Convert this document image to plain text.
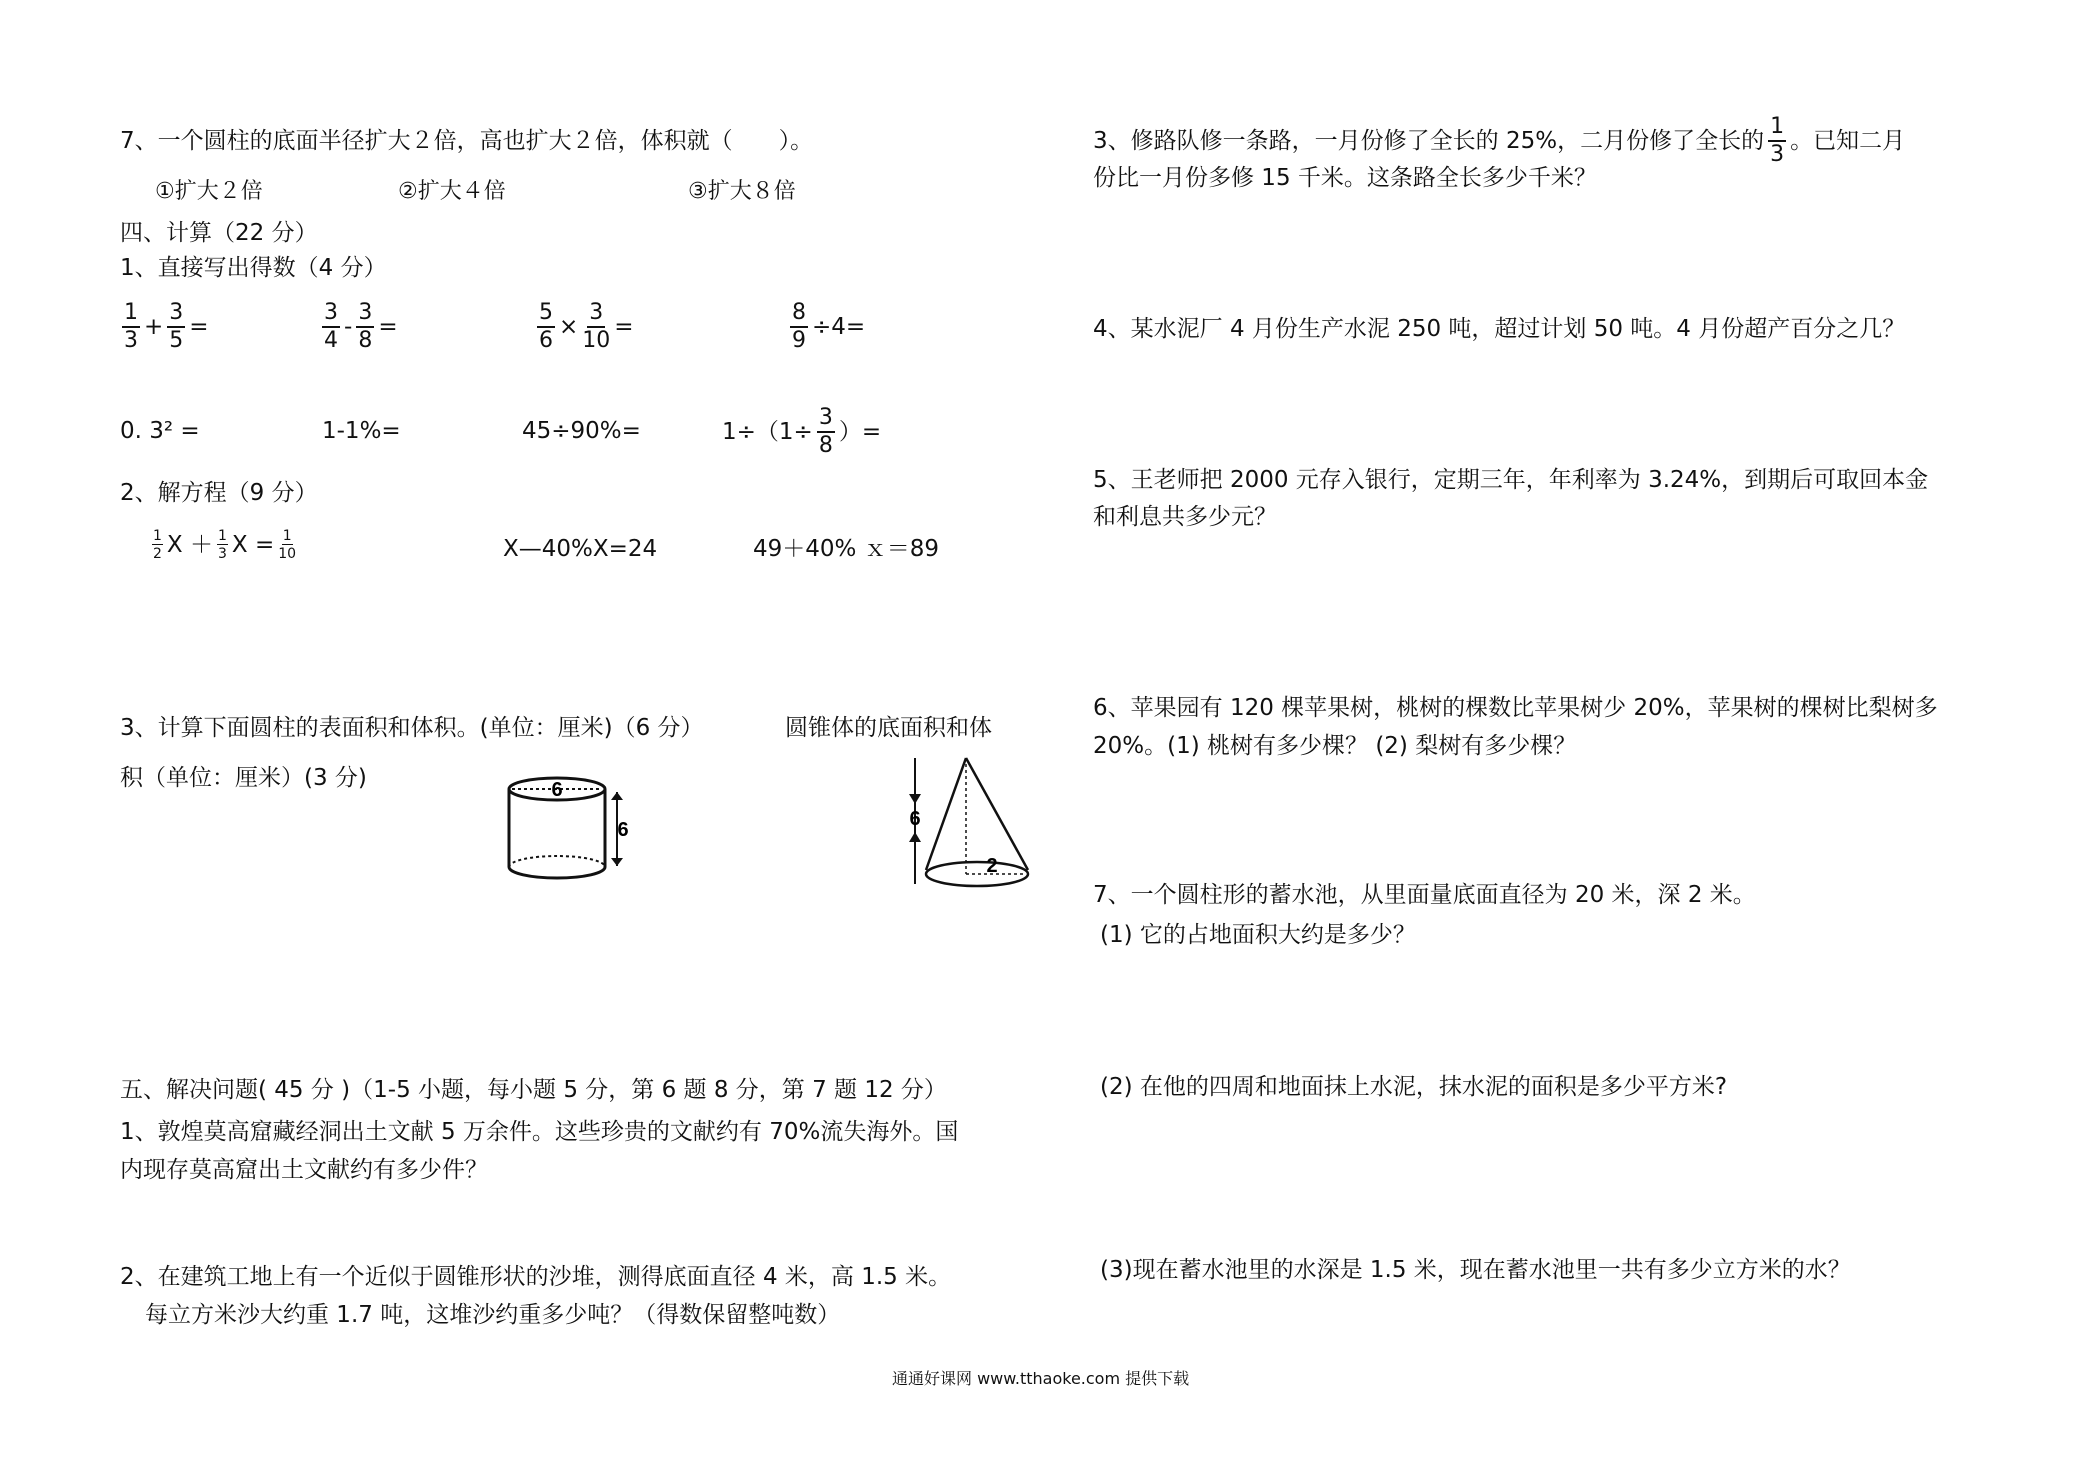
7、一个圆柱的底面半径扩大２倍，高也扩大２倍，体积就（　　）。
①扩大２倍	②扩大４倍	③扩大８倍
四、计算（22 分）
1、直接写出得数（4 分）
$\frac{1}{3} + \frac{3}{5}$ =	$\frac{3}{4} - \frac{3}{8}$ =	$\frac{5}{6} \times \frac{3}{10}$ =	$\frac{8}{9} \div 4=$
0. 3² =	1-1%=	45÷90%=	$1\div(1\div \frac{3}{8}$ ）=
2、解方程（9 分）
$\frac{1}{2}$ $X + \frac{1}{3}$ $X = \frac{1}{10}$	X—40%X=24	49＋40% ｘ＝89
3、计算下面圆柱的表面积和体积。(单位：厘米)（6 分）	圆锥体的底面积和体
积（单位：厘米）(3 分)	6
6	6
2
五、解决问题( 45 分 )（1-5 小题，每小题 5 分，第 6 题 8 分，第 7 题 12 分）
1、敦煌莫高窟藏经洞出土文献 5 万余件。这些珍贵的文献约有 70%流失海外。国
内现存莫高窟出土文献约有多少件？
2、在建筑工地上有一个近似于圆锥形状的沙堆，测得底面直径 4 米，高 1.5 米。
每立方米沙大约重 1.7 吨，这堆沙约重多少吨？（得数保留整吨数）
3、修路队修一条路，一月份修了全长的 25%，二月份修了全长的 $\frac{1}{3}$ 。已知二月
份比一月份多修 15 千米。这条路全长多少千米？
4、某水泥厂 4 月份生产水泥 250 吨，超过计划 50 吨。4 月份超产百分之几？
5、王老师把 2000 元存入银行，定期三年，年利率为 3.24%，到期后可取回本金
和利息共多少元？
6、苹果园有 120 棵苹果树，桃树的棵数比苹果树少 20%，苹果树的棵树比梨树多
20%。(1) 桃树有多少棵？ (2) 梨树有多少棵？
7、一个圆柱形的蓄水池，从里面量底面直径为 20 米，深 2 米。
(1) 它的占地面积大约是多少？
(2) 在他的四周和地面抹上水泥，抹水泥的面积是多少平方米?
(3)现在蓄水池里的水深是 1.5 米，现在蓄水池里一共有多少立方米的水？
通通好课网 www.tthaoke.com 提供下载
